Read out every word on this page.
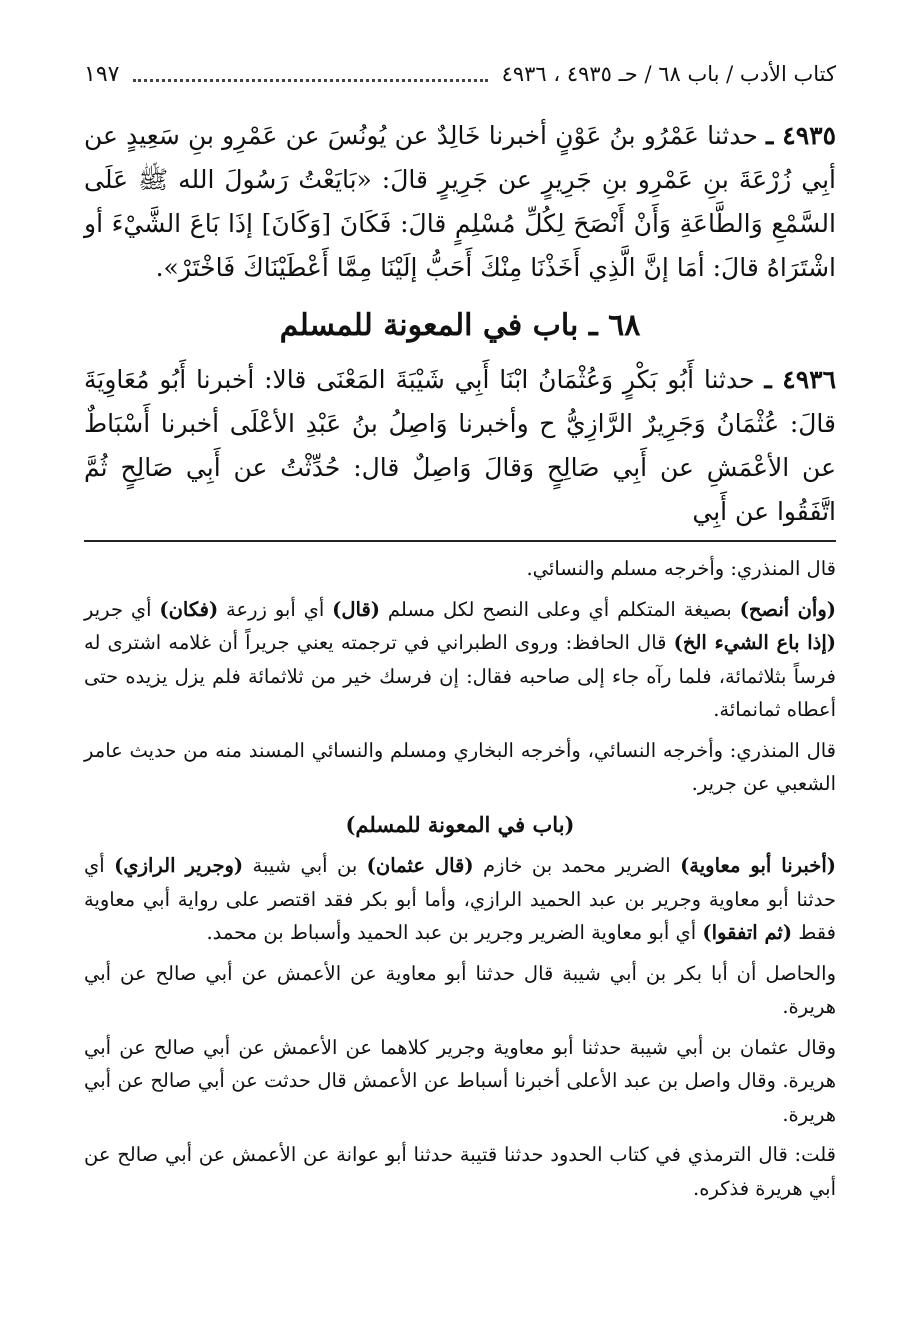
كتاب الأدب / باب ٦٨ / حـ ٤٩٣٥ ، ٤٩٣٦
١٩٧

٤٩٣٥ ـ حدثنا عَمْرُو بنُ عَوْنٍ أخبرنا خَالِدٌ عن يُونُسَ عن عَمْرِو بنِ سَعِيدٍ عن أبِي زُرْعَةَ بنِ عَمْرِو بنِ جَرِيرٍ عن جَرِيرٍ قالَ: «بَايَعْتُ رَسُولَ الله ﷺ عَلَى السَّمْعِ وَالطَّاعَةِ وَأَنْ أَنْصَحَ لِكُلِّ مُسْلِمٍ قالَ: فَكَانَ [وَكَانَ] إذَا بَاعَ الشَّيْءَ أو اشْتَرَاهُ قالَ: أمَا إنَّ الَّذِي أَخَذْنَا مِنْكَ أَحَبُّ إلَيْنَا مِمَّا أَعْطَيْنَاكَ فَاخْتَرْ».

٦٨ ـ باب في المعونة للمسلم

٤٩٣٦ ـ حدثنا أَبُو بَكْرٍ وَعُثْمَانُ ابْنَا أَبِي شَيْبَةَ المَعْنَى قالا: أخبرنا أَبُو مُعَاوِيَةَ قالَ: عُثْمَانُ وَجَرِيرٌ الرَّازِيُّ ح وأخبرنا وَاصِلُ بنُ عَبْدِ الأعْلَى أخبرنا أَسْبَاطٌ عن الأعْمَشِ عن أَبِي صَالِحٍ وَقالَ وَاصِلٌ قال: حُدِّثْتُ عن أَبِي صَالِحٍ ثُمَّ اتَّفَقُوا عن أَبِي

قال المنذري: وأخرجه مسلم والنسائي.

(وأن أنصح) بصيغة المتكلم أي وعلى النصح لكل مسلم (قال) أي أبو زرعة (فكان) أي جرير (إذا باع الشيء الخ) قال الحافظ: وروى الطبراني في ترجمته يعني جريراً أن غلامه اشترى له فرساً بثلاثمائة، فلما رآه جاء إلى صاحبه فقال: إن فرسك خير من ثلاثمائة فلم يزل يزيده حتى أعطاه ثمانمائة.

قال المنذري: وأخرجه النسائي، وأخرجه البخاري ومسلم والنسائي المسند منه من حديث عامر الشعبي عن جرير.

(باب في المعونة للمسلم)

(أخبرنا أبو معاوية) الضرير محمد بن خازم (قال عثمان) بن أبي شيبة (وجرير الرازي) أي حدثنا أبو معاوية وجرير بن عبد الحميد الرازي، وأما أبو بكر فقد اقتصر على رواية أبي معاوية فقط (ثم اتفقوا) أي أبو معاوية الضرير وجرير بن عبد الحميد وأسباط بن محمد.

والحاصل أن أبا بكر بن أبي شيبة قال حدثنا أبو معاوية عن الأعمش عن أبي صالح عن أبي هريرة.

وقال عثمان بن أبي شيبة حدثنا أبو معاوية وجرير كلاهما عن الأعمش عن أبي صالح عن أبي هريرة. وقال واصل بن عبد الأعلى أخبرنا أسباط عن الأعمش قال حدثت عن أبي صالح عن أبي هريرة.

قلت: قال الترمذي في كتاب الحدود حدثنا قتيبة حدثنا أبو عوانة عن الأعمش عن أبي صالح عن أبي هريرة فذكره.
